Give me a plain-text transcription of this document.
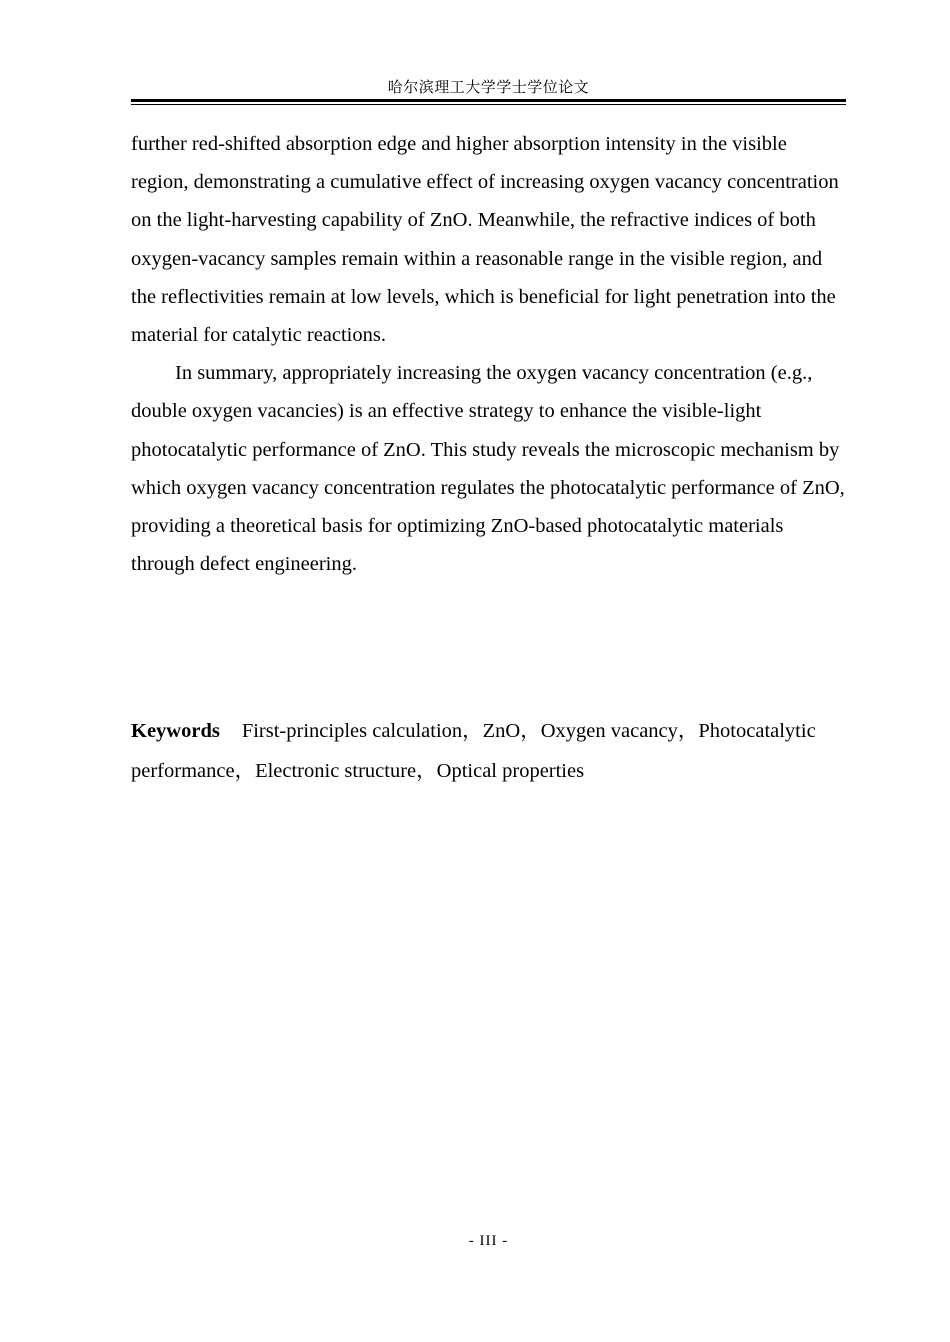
哈尔滨理工大学学士学位论文

further red-shifted absorption edge and higher absorption intensity in the visible region, demonstrating a cumulative effect of increasing oxygen vacancy concentration on the light-harvesting capability of ZnO. Meanwhile, the refractive indices of both oxygen-vacancy samples remain within a reasonable range in the visible region, and the reflectivities remain at low levels, which is beneficial for light penetration into the material for catalytic reactions.

In summary, appropriately increasing the oxygen vacancy concentration (e.g., double oxygen vacancies) is an effective strategy to enhance the visible-light photocatalytic performance of ZnO. This study reveals the microscopic mechanism by which oxygen vacancy concentration regulates the photocatalytic performance of ZnO, providing a theoretical basis for optimizing ZnO-based photocatalytic materials through defect engineering.

Keywords First-principles calculation，ZnO，Oxygen vacancy，Photocatalytic performance，Electronic structure，Optical properties
- III -
